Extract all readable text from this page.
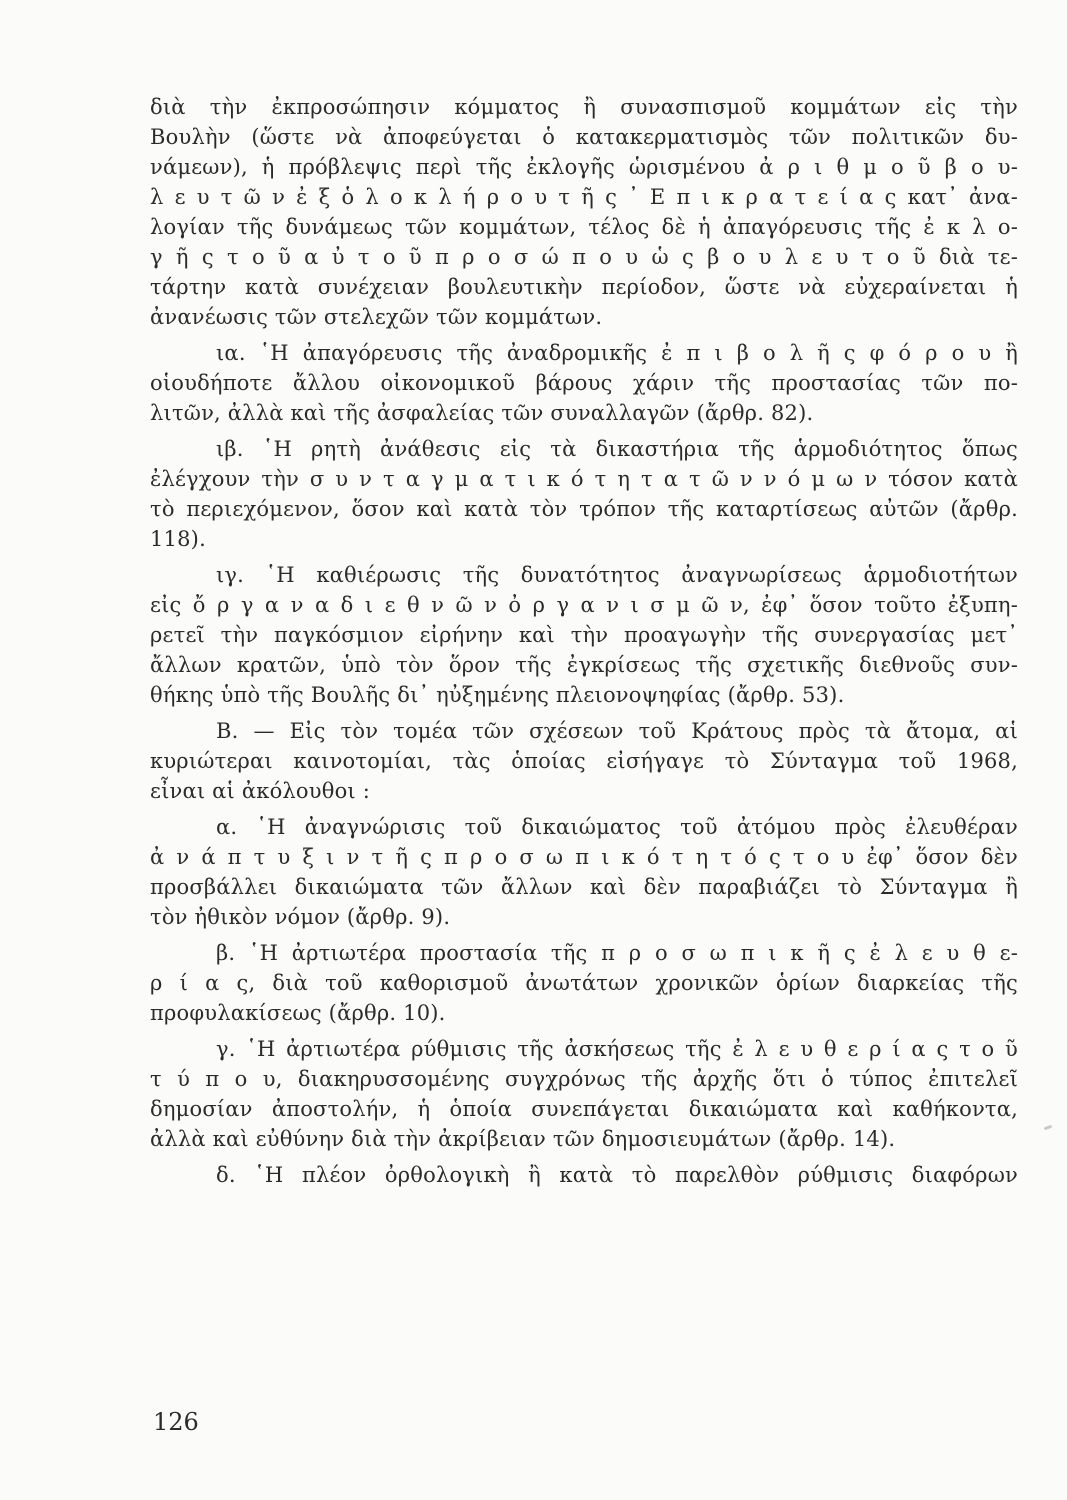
διὰ τὴν ἐκπροσώπησιν κόμματος ἢ συνασπισμοῦ κομμάτων εἰς τὴν
Βουλὴν (ὥστε νὰ ἀποφεύγεται ὁ κατακερματισμὸς τῶν πολιτικῶν δυ-
νάμεων), ἡ πρόβλεψις περὶ τῆς ἐκλογῆς ὡρισμένου ἀ ρ ι θ μ ο ῦ β ο υ-
λ ε υ τ ῶ ν ἐ ξ ὁ λ ο κ λ ή ρ ο υ τ ῆ ς ᾿ Ε π ι κ ρ α τ ε ί α ς κατ᾿ ἀνα-
λογίαν τῆς δυνάμεως τῶν κομμάτων, τέλος δὲ ἡ ἀπαγόρευσις τῆς ἐ κ λ ο-
γ ῆ ς τ ο ῦ α ὐ τ ο ῦ π ρ ο σ ώ π ο υ ὡ ς β ο υ λ ε υ τ ο ῦ διὰ τε-
τάρτην κατὰ συνέχειαν βουλευτικὴν περίοδον, ὥστε νὰ εὐχεραίνεται ἡ
ἀνανέωσις τῶν στελεχῶν τῶν κομμάτων.
ια. ῾Η ἀπαγόρευσις τῆς ἀναδρομικῆς ἐ π ι β ο λ ῆ ς φ ό ρ ο υ ἢ
οἱουδήποτε ἄλλου οἰκονομικοῦ βάρους χάριν τῆς προστασίας τῶν πο-
λιτῶν, ἀλλὰ καὶ τῆς ἀσφαλείας τῶν συναλλαγῶν (ἄρθρ. 82).
ιβ. ῾Η ρητὴ ἀνάθεσις εἰς τὰ δικαστήρια τῆς ἁρμοδιότητος ὅπως
ἐλέγχουν τὴν σ υ ν τ α γ μ α τ ι κ ό τ η τ α τ ῶ ν ν ό μ ω ν τόσον κατὰ
τὸ περιεχόμενον, ὅσον καὶ κατὰ τὸν τρόπον τῆς καταρτίσεως αὐτῶν (ἄρθρ.
118).
ιγ. ῾Η καθιέρωσις τῆς δυνατότητος ἀναγνωρίσεως ἁρμοδιοτήτων
εἰς ὄ ρ γ α ν α δ ι ε θ ν ῶ ν ὀ ρ γ α ν ι σ μ ῶ ν, ἐφ᾿ ὅσον τοῦτο ἐξυπη-
ρετεῖ τὴν παγκόσμιον εἰρήνην καὶ τὴν προαγωγὴν τῆς συνεργασίας μετ᾿
ἄλλων κρατῶν, ὑπὸ τὸν ὅρον τῆς ἐγκρίσεως τῆς σχετικῆς διεθνοῦς συν-
θήκης ὑπὸ τῆς Βουλῆς δι᾿ ηὐξημένης πλειονοψηφίας (ἄρθρ. 53).
B. — Εἰς τὸν τομέα τῶν σχέσεων τοῦ Κράτους πρὸς τὰ ἄτομα, αἱ
κυριώτεραι καινοτομίαι, τὰς ὁποίας εἰσήγαγε τὸ Σύνταγμα τοῦ 1968,
εἶναι αἱ ἀκόλουθοι :
α. ῾Η ἀναγνώρισις τοῦ δικαιώματος τοῦ ἀτόμου πρὸς ἐλευθέραν
ἀ ν ά π τ υ ξ ι ν τ ῆ ς π ρ ο σ ω π ι κ ό τ η τ ό ς τ ο υ ἐφ᾿ ὅσον δὲν
προσβάλλει δικαιώματα τῶν ἄλλων καὶ δὲν παραβιάζει τὸ Σύνταγμα ἢ
τὸν ἠθικὸν νόμον (ἄρθρ. 9).
β. ῾Η ἀρτιωτέρα προστασία τῆς π ρ ο σ ω π ι κ ῆ ς ἐ λ ε υ θ ε-
ρ ί α ς, διὰ τοῦ καθορισμοῦ ἀνωτάτων χρονικῶν ὁρίων διαρκείας τῆς
προφυλακίσεως (ἄρθρ. 10).
γ. ῾Η ἀρτιωτέρα ρύθμισις τῆς ἀσκήσεως τῆς ἐ λ ε υ θ ε ρ ί α ς τ ο ῦ
τ ύ π ο υ, διακηρυσσομένης συγχρόνως τῆς ἀρχῆς ὅτι ὁ τύπος ἐπιτελεῖ
δημοσίαν ἀποστολήν, ἡ ὁποία συνεπάγεται δικαιώματα καὶ καθήκοντα,
ἀλλὰ καὶ εὐθύνην διὰ τὴν ἀκρίβειαν τῶν δημοσιευμάτων (ἄρθρ. 14).
δ. ῾Η πλέον ὀρθολογικὴ ἢ κατὰ τὸ παρελθὸν ρύθμισις διαφόρων
126
